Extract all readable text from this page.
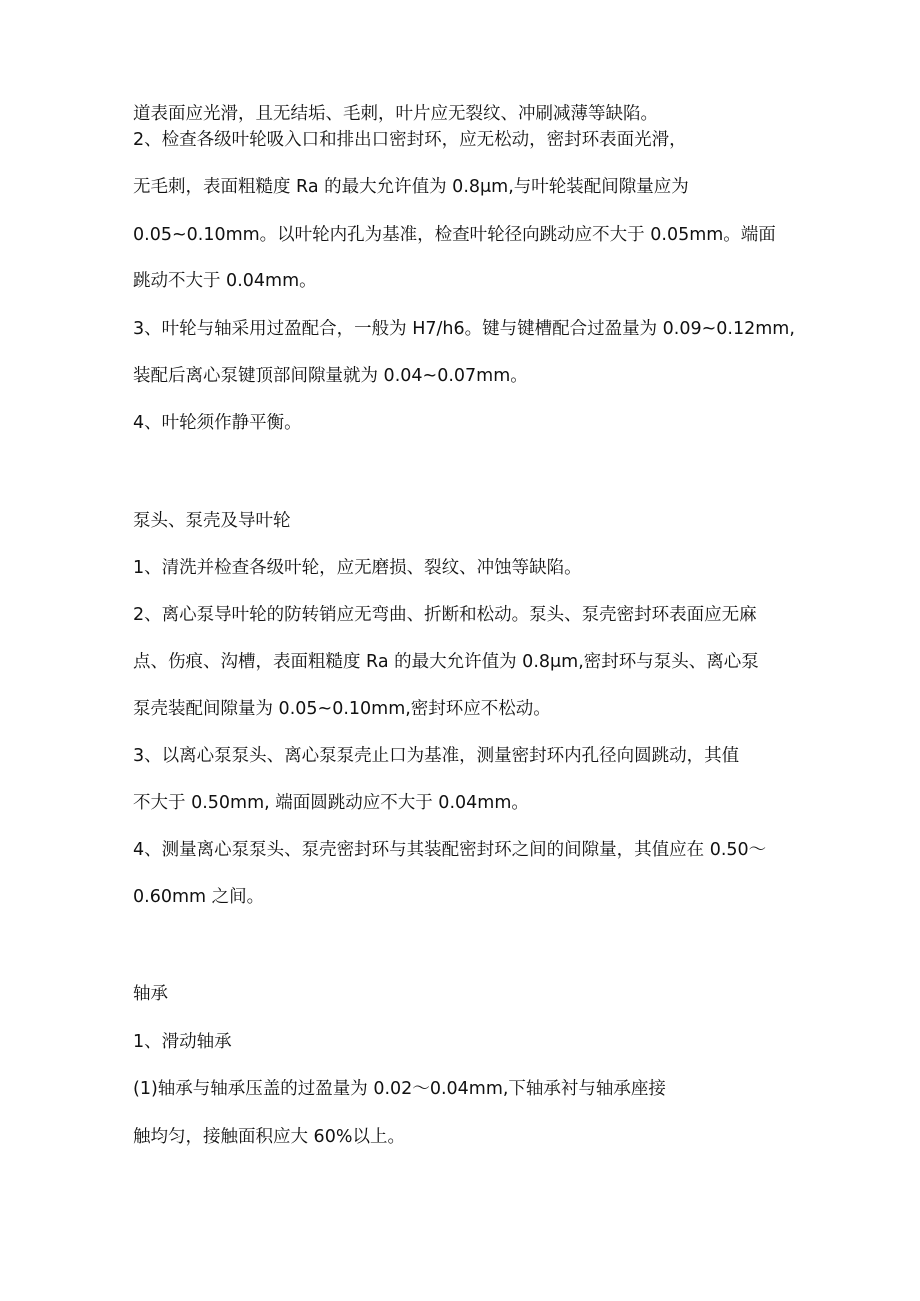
道表面应光滑，且无结垢、毛刺，叶片应无裂纹、冲刷减薄等缺陷。
2、检查各级叶轮吸入口和排出口密封环，应无松动，密封环表面光滑，
无毛刺，表面粗糙度 Ra 的最大允许值为 0.8μm,与叶轮装配间隙量应为
0.05~0.10mm。以叶轮内孔为基准，检查叶轮径向跳动应不大于 0.05mm。端面
跳动不大于 0.04mm。
3、叶轮与轴采用过盈配合，一般为 H7/h6。键与键槽配合过盈量为 0.09~0.12mm,
装配后离心泵键顶部间隙量就为 0.04~0.07mm。
4、叶轮须作静平衡。
泵头、泵壳及导叶轮
1、清洗并检查各级叶轮，应无磨损、裂纹、冲蚀等缺陷。
2、离心泵导叶轮的防转销应无弯曲、折断和松动。泵头、泵壳密封环表面应无麻
点、伤痕、沟槽，表面粗糙度 Ra 的最大允许值为 0.8μm,密封环与泵头、离心泵
泵壳装配间隙量为 0.05~0.10mm,密封环应不松动。
3、以离心泵泵头、离心泵泵壳止口为基准，测量密封环内孔径向圆跳动，其值
不大于 0.50mm, 端面圆跳动应不大于 0.04mm。
4、测量离心泵泵头、泵壳密封环与其装配密封环之间的间隙量，其值应在 0.50～
0.60mm 之间。
轴承
1、滑动轴承
(1)轴承与轴承压盖的过盈量为 0.02～0.04mm,下轴承衬与轴承座接
触均匀，接触面积应大 60%以上。
